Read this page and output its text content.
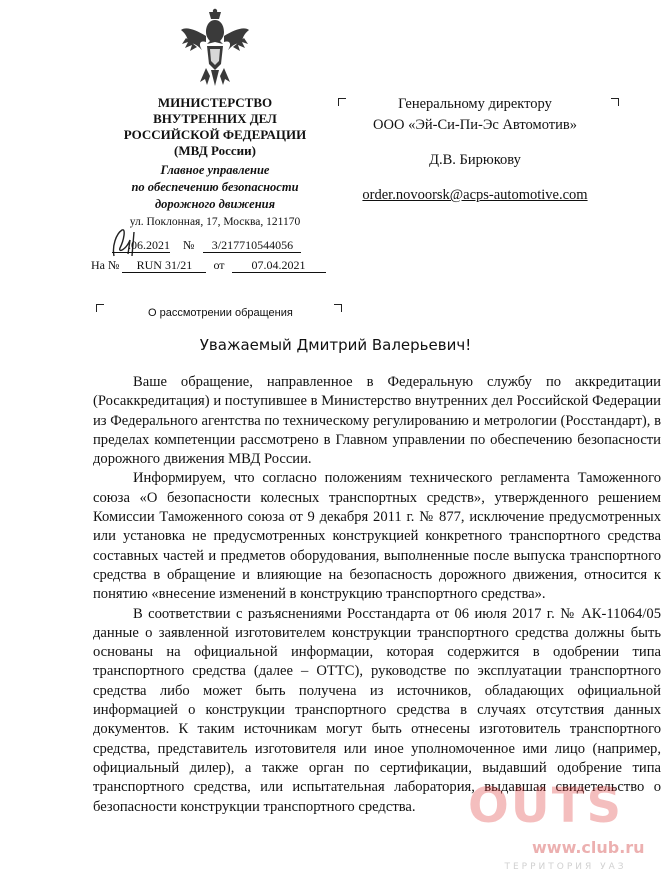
МИНИСТЕРСТВО
ВНУТРЕННИХ ДЕЛ
РОССИЙСКОЙ ФЕДЕРАЦИИ
(МВД России)
Главное управление
по обеспечению безопасности
дорожного движения
ул. Поклонная, 17, Москва, 121170
.06.2021 № 3/217710544056
На № RUN 31/21 от 07.04.2021
Генеральному директору
ООО «Эй-Си-Пи-Эс Автомотив»
Д.В. Бирюкову
order.novoorsk@acps-automotive.com
О рассмотрении обращения
Уважаемый Дмитрий Валерьевич!

Ваше обращение, направленное в Федеральную службу по аккредитации (Росаккредитация) и поступившее в Министерство внутренних дел Российской Федерации из Федерального агентства по техническому регулированию и метрологии (Росстандарт), в пределах компетенции рассмотрено в Главном управлении по обеспечению безопасности дорожного движения МВД России.

Информируем, что согласно положениям технического регламента Таможенного союза «О безопасности колесных транспортных средств», утвержденного решением Комиссии Таможенного союза от 9 декабря 2011 г. № 877, исключение предусмотренных или установка не предусмотренных конструкцией конкретного транспортного средства составных частей и предметов оборудования, выполненные после выпуска транспортного средства в обращение и влияющие на безопасность дорожного движения, относится к понятию «внесение изменений в конструкцию транспортного средства».

В соответствии с разъяснениями Росстандарта от 06 июля 2017 г. № АК-11064/05 данные о заявленной изготовителем конструкции транспортного средства должны быть основаны на официальной информации, которая содержится в одобрении типа транспортного средства (далее – ОТТС), руководстве по эксплуатации транспортного средства либо может быть получена из источников, обладающих официальной информацией о конструкции транспортного средства в случаях отсутствия данных документов. К таким источникам могут быть отнесены изготовитель транспортного средства, представитель изготовителя или иное уполномоченное ими лицо (например, официальный дилер), а также орган по сертификации, выдавший одобрение типа транспортного средства, или испытательная лаборатория, выдавшая свидетельство о безопасности конструкции транспортного средства.	OUTS
www.club.ru
ТЕРРИТОРИЯ УАЗ
